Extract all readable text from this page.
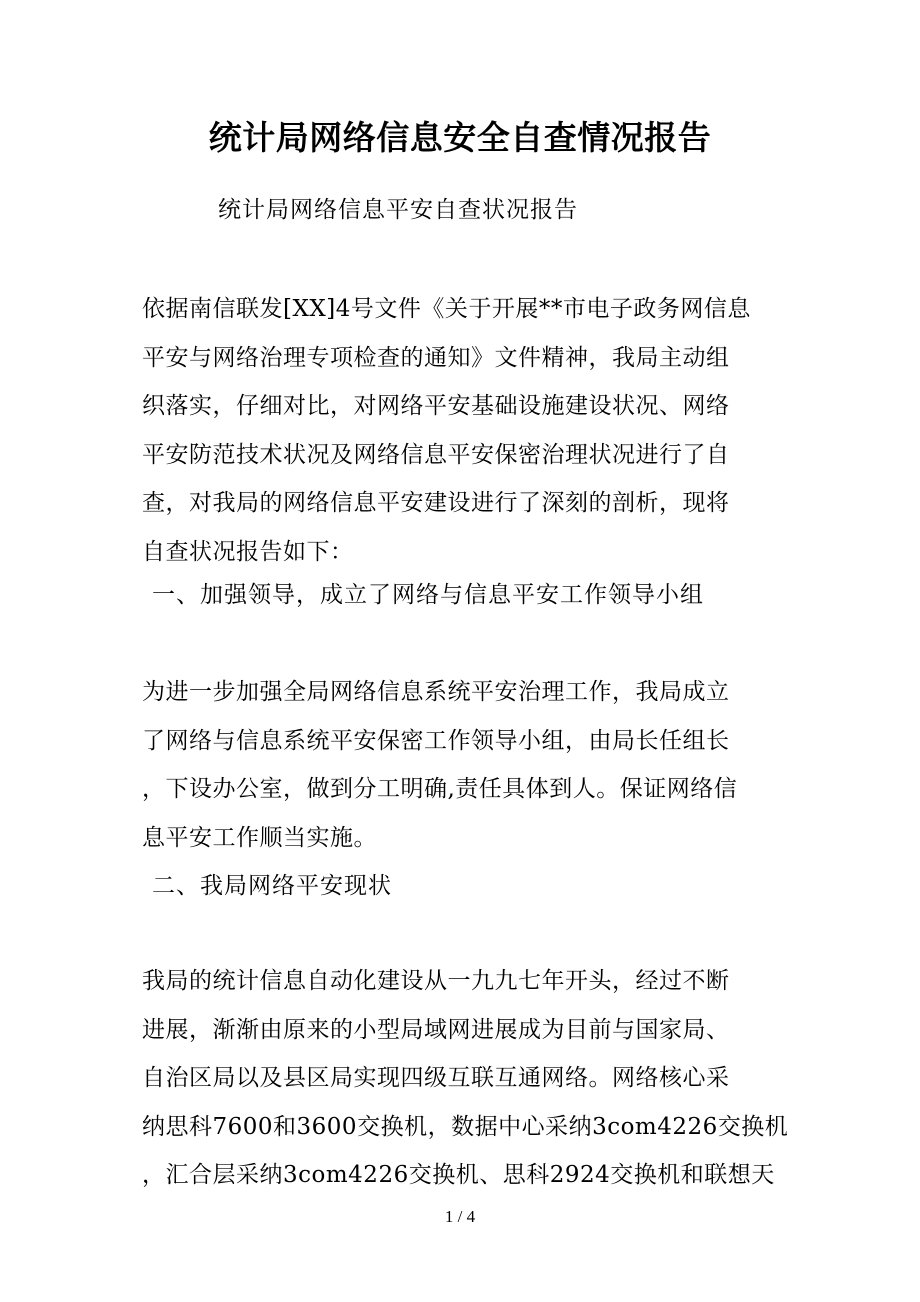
统计局网络信息安全自查情况报告
统计局网络信息平安自查状况报告
依据南信联发[XX]4号文件《关于开展**市电子政务网信息
平安与网络治理专项检查的通知》文件精神，我局主动组
织落实，仔细对比，对网络平安基础设施建设状况、网络
平安防范技术状况及网络信息平安保密治理状况进行了自
查，对我局的网络信息平安建设进行了深刻的剖析，现将
自查状况报告如下：
一、加强领导，成立了网络与信息平安工作领导小组
为进一步加强全局网络信息系统平安治理工作，我局成立
了网络与信息系统平安保密工作领导小组，由局长任组长
，下设办公室，做到分工明确,责任具体到人。保证网络信
息平安工作顺当实施。
二、我局网络平安现状
我局的统计信息自动化建设从一九九七年开头，经过不断
进展，渐渐由原来的小型局域网进展成为目前与国家局、
自治区局以及县区局实现四级互联互通网络。网络核心采
纳思科7600和3600交换机，数据中心采纳3com4226交换机
，汇合层采纳3com4226交换机、思科2924交换机和联想天
1 / 4
